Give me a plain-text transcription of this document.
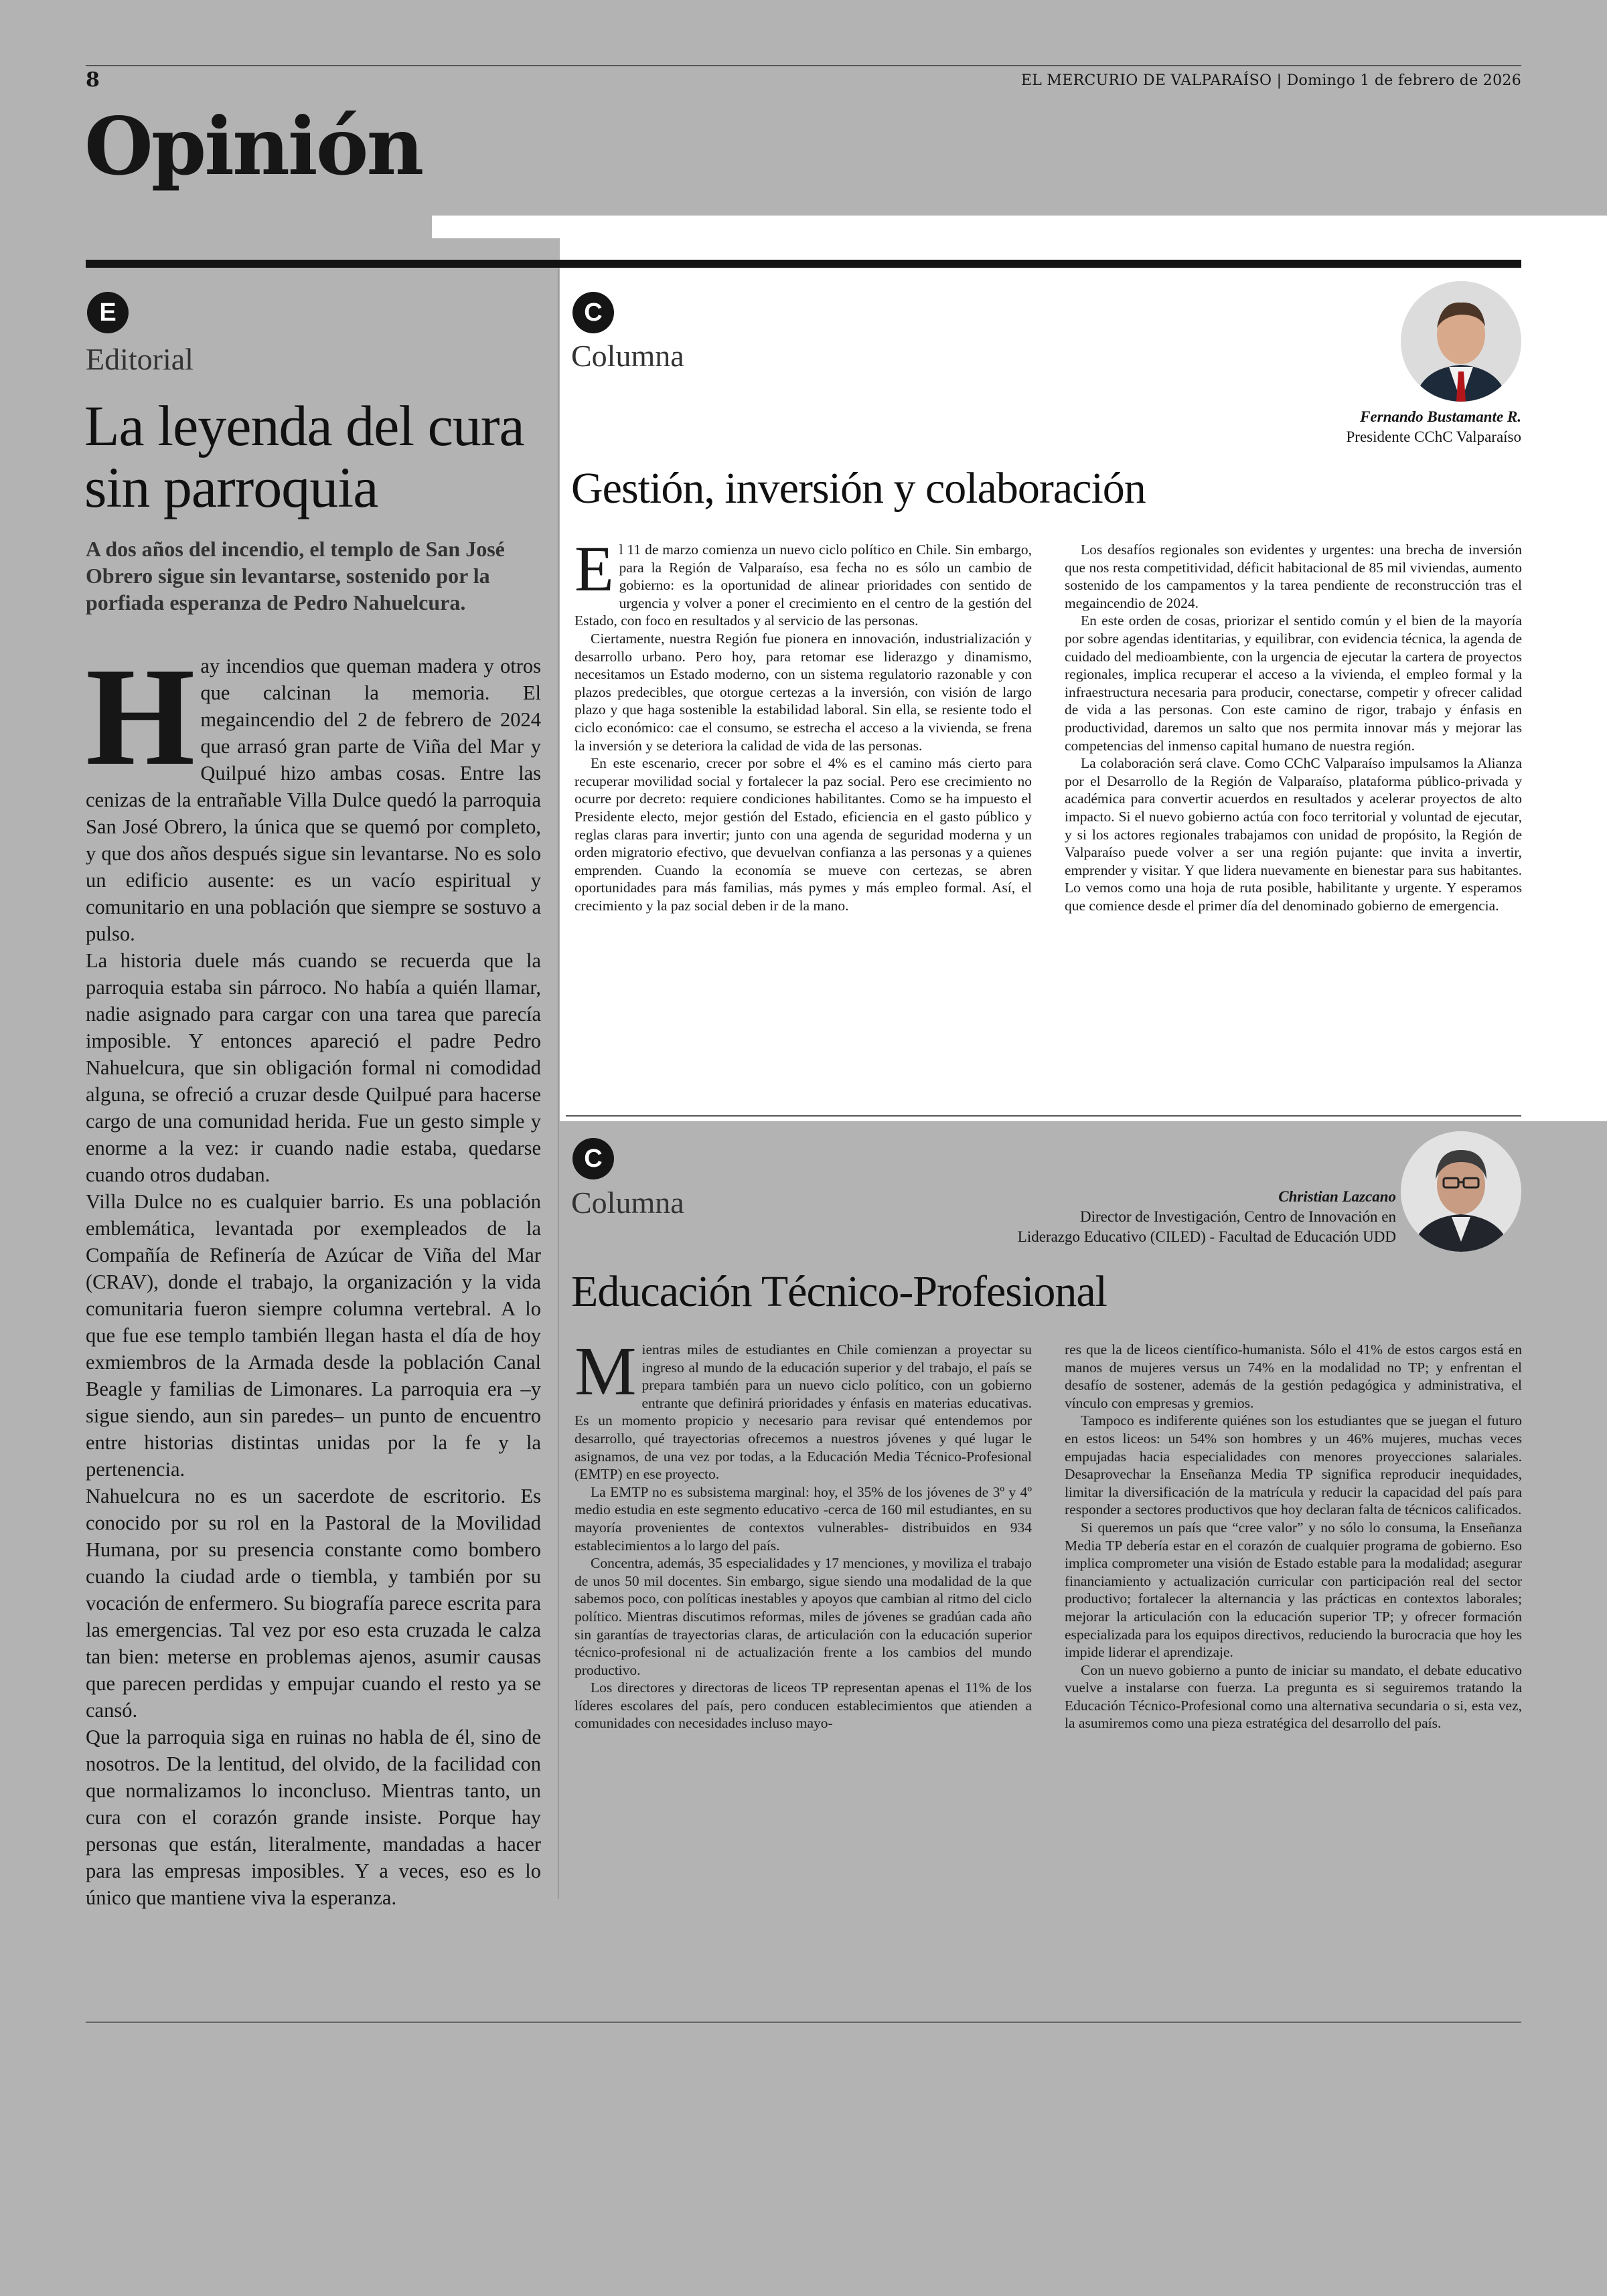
8	EL MERCURIO DE VALPARAÍSO | Domingo 1 de febrero de 2026
Opinión
E
Editorial
La leyenda del cura sin parroquia
A dos años del incendio, el templo de San José Obrero sigue sin levantarse, sostenido por la porfiada esperanza de Pedro Nahuelcura.
H ay incendios que queman madera y otros que calcinan la memoria. El megaincendio del 2 de febrero de 2024 que arrasó gran parte de Viña del Mar y Quilpué hizo ambas cosas. Entre las cenizas de la entrañable Villa Dulce quedó la parroquia San José Obrero, la única que se quemó por completo, y que dos años después sigue sin levantarse. No es solo un edificio ausente: es un vacío espiritual y comunitario en una población que siempre se sostuvo a pulso.

La historia duele más cuando se recuerda que la parroquia estaba sin párroco. No había a quién llamar, nadie asignado para cargar con una tarea que parecía imposible. Y entonces apareció el padre Pedro Nahuelcura, que sin obligación formal ni comodidad alguna, se ofreció a cruzar desde Quilpué para hacerse cargo de una comunidad herida. Fue un gesto simple y enorme a la vez: ir cuando nadie estaba, quedarse cuando otros dudaban.

Villa Dulce no es cualquier barrio. Es una población emblemática, levantada por exempleados de la Compañía de Refinería de Azúcar de Viña del Mar (CRAV), donde el trabajo, la organización y la vida comunitaria fueron siempre columna vertebral. A lo que fue ese templo también llegan hasta el día de hoy exmiembros de la Armada desde la población Canal Beagle y familias de Limonares. La parroquia era –y sigue siendo, aun sin paredes– un punto de encuentro entre historias distintas unidas por la fe y la pertenencia.

Nahuelcura no es un sacerdote de escritorio. Es conocido por su rol en la Pastoral de la Movilidad Humana, por su presencia constante como bombero cuando la ciudad arde o tiembla, y también por su vocación de enfermero. Su biografía parece escrita para las emergencias. Tal vez por eso esta cruzada le calza tan bien: meterse en problemas ajenos, asumir causas que parecen perdidas y empujar cuando el resto ya se cansó.

Que la parroquia siga en ruinas no habla de él, sino de nosotros. De la lentitud, del olvido, de la facilidad con que normalizamos lo inconcluso. Mientras tanto, un cura con el corazón grande insiste. Porque hay personas que están, literalmente, mandadas a hacer para las empresas imposibles. Y a veces, eso es lo único que mantiene viva la esperanza.

C
Columna
Fernando Bustamante R.
Presidente CChC Valparaíso
Gestión, inversión y colaboración
E l 11 de marzo comienza un nuevo ciclo político en Chile. Sin embargo, para la Región de Valparaíso, esa fecha no es sólo un cambio de gobierno: es la oportunidad de alinear prioridades con sentido de urgencia y volver a poner el crecimiento en el centro de la gestión del Estado, con foco en resultados y al servicio de las personas.

Ciertamente, nuestra Región fue pionera en innovación, industrialización y desarrollo urbano. Pero hoy, para retomar ese liderazgo y dinamismo, necesitamos un Estado moderno, con un sistema regulatorio razonable y con plazos predecibles, que otorgue certezas a la inversión, con visión de largo plazo y que haga sostenible la estabilidad laboral. Sin ella, se resiente todo el ciclo económico: cae el consumo, se estrecha el acceso a la vivienda, se frena la inversión y se deteriora la calidad de vida de las personas.

En este escenario, crecer por sobre el 4% es el camino más cierto para recuperar movilidad social y fortalecer la paz social. Pero ese crecimiento no ocurre por decreto: requiere condiciones habilitantes. Como se ha impuesto el Presidente electo, mejor gestión del Estado, eficiencia en el gasto público y reglas claras para invertir; junto con una agenda de seguridad moderna y un orden migratorio efectivo, que devuelvan confianza a las personas y a quienes emprenden. Cuando la economía se mueve con certezas, se abren oportunidades para más familias, más pymes y más empleo formal. Así, el crecimiento y la paz social deben ir de la mano.

Los desafíos regionales son evidentes y urgentes: una brecha de inversión que nos resta competitividad, déficit habitacional de 85 mil viviendas, aumento sostenido de los campamentos y la tarea pendiente de reconstrucción tras el megaincendio de 2024.

En este orden de cosas, priorizar el sentido común y el bien de la mayoría por sobre agendas identitarias, y equilibrar, con evidencia técnica, la agenda de cuidado del medioambiente, con la urgencia de ejecutar la cartera de proyectos regionales, implica recuperar el acceso a la vivienda, el empleo formal y la infraestructura necesaria para producir, conectarse, competir y ofrecer calidad de vida a las personas. Con este camino de rigor, trabajo y énfasis en productividad, daremos un salto que nos permita innovar más y mejorar las competencias del inmenso capital humano de nuestra región.

La colaboración será clave. Como CChC Valparaíso impulsamos la Alianza por el Desarrollo de la Región de Valparaíso, plataforma público-privada y académica para convertir acuerdos en resultados y acelerar proyectos de alto impacto. Si el nuevo gobierno actúa con foco territorial y voluntad de ejecutar, y si los actores regionales trabajamos con unidad de propósito, la Región de Valparaíso puede volver a ser una región pujante: que invita a invertir, emprender y visitar. Y que lidera nuevamente en bienestar para sus habitantes. Lo vemos como una hoja de ruta posible, habilitante y urgente. Y esperamos que comience desde el primer día del denominado gobierno de emergencia.

C
Columna	Christian Lazcano
Director de Investigación, Centro de Innovación en
Liderazgo Educativo (CILED) - Facultad de Educación UDD
Educación Técnico-Profesional
M ientras miles de estudiantes en Chile comienzan a proyectar su ingreso al mundo de la educación superior y del trabajo, el país se prepara también para un nuevo ciclo político, con un gobierno entrante que definirá prioridades y énfasis en materias educativas. Es un momento propicio y necesario para revisar qué entendemos por desarrollo, qué trayectorias ofrecemos a nuestros jóvenes y qué lugar le asignamos, de una vez por todas, a la Educación Media Técnico-Profesional (EMTP) en ese proyecto.

La EMTP no es subsistema marginal: hoy, el 35% de los jóvenes de 3º y 4º medio estudia en este segmento educativo -cerca de 160 mil estudiantes, en su mayoría provenientes de contextos vulnerables- distribuidos en 934 establecimientos a lo largo del país.

Concentra, además, 35 especialidades y 17 menciones, y moviliza el trabajo de unos 50 mil docentes. Sin embargo, sigue siendo una modalidad de la que sabemos poco, con políticas inestables y apoyos que cambian al ritmo del ciclo político. Mientras discutimos reformas, miles de jóvenes se gradúan cada año sin garantías de trayectorias claras, de articulación con la educación superior técnico-profesional ni de actualización frente a los cambios del mundo productivo.

Los directores y directoras de liceos TP representan apenas el 11% de los líderes escolares del país, pero conducen establecimientos que atienden a comunidades con necesidades incluso mayo-

res que la de liceos científico-humanista. Sólo el 41% de estos cargos está en manos de mujeres versus un 74% en la modalidad no TP; y enfrentan el desafío de sostener, además de la gestión pedagógica y administrativa, el vínculo con empresas y gremios.

Tampoco es indiferente quiénes son los estudiantes que se juegan el futuro en estos liceos: un 54% son hombres y un 46% mujeres, muchas veces empujadas hacia especialidades con menores proyecciones salariales. Desaprovechar la Enseñanza Media TP significa reproducir inequidades, limitar la diversificación de la matrícula y reducir la capacidad del país para responder a sectores productivos que hoy declaran falta de técnicos calificados.

Si queremos un país que “cree valor” y no sólo lo consuma, la Enseñanza Media TP debería estar en el corazón de cualquier programa de gobierno. Eso implica comprometer una visión de Estado estable para la modalidad; asegurar financiamiento y actualización curricular con participación real del sector productivo; fortalecer la alternancia y las prácticas en contextos laborales; mejorar la articulación con la educación superior TP; y ofrecer formación especializada para los equipos directivos, reduciendo la burocracia que hoy les impide liderar el aprendizaje.

Con un nuevo gobierno a punto de iniciar su mandato, el debate educativo vuelve a instalarse con fuerza. La pregunta es si seguiremos tratando la Educación Técnico-Profesional como una alternativa secundaria o si, esta vez, la asumiremos como una pieza estratégica del desarrollo del país.
